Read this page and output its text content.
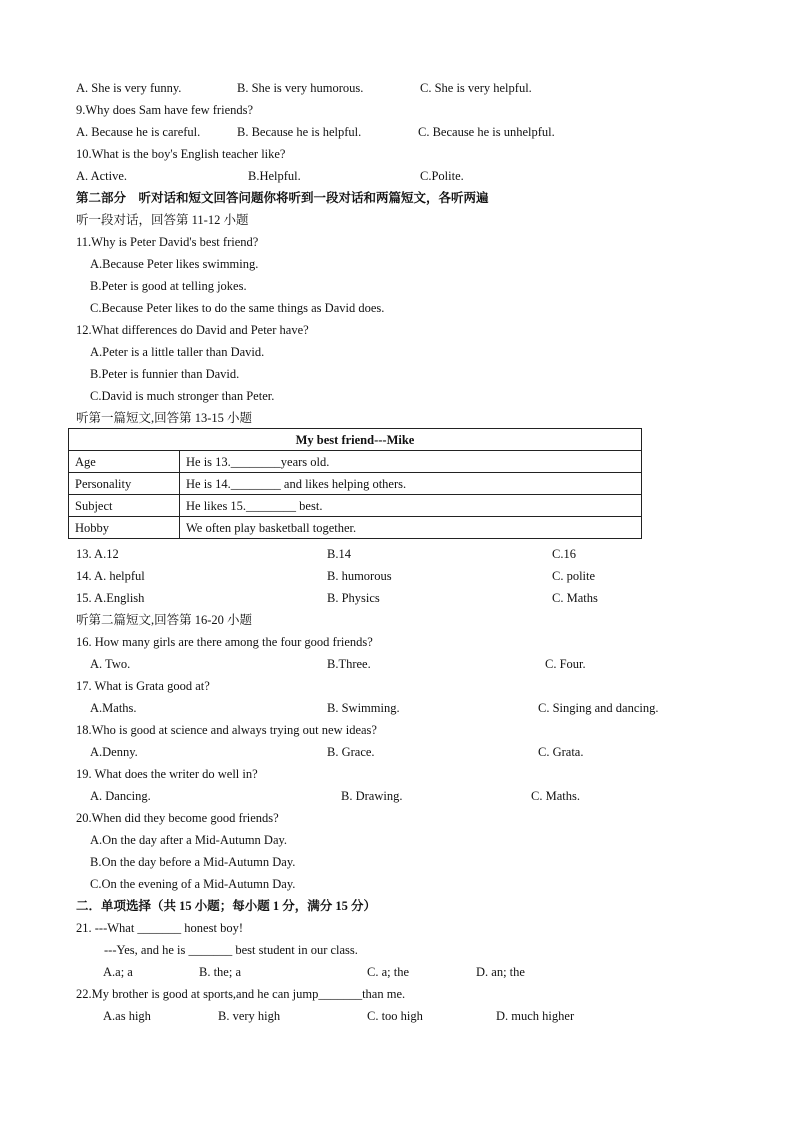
A. She is very funny.	B. She is very humorous.	C. She is very helpful.
9.Why does Sam have few friends?
A. Because he is careful.	B. Because he is helpful.	C. Because he is unhelpful.
10.What is the boy's English teacher like?
A. Active.	B.Helpful.	C.Polite.
第二部分　听对话和短文回答问题你将听到一段对话和两篇短文，各听两遍
听一段对话，回答第 11-12 小题
11.Why is Peter David's best friend?
A.Because Peter likes swimming.
B.Peter is good at telling jokes.
C.Because Peter likes to do the same things as David does.
12.What differences do David and Peter have?
A.Peter is a little taller than David.
B.Peter is funnier than David.
C.David is much stronger than Peter.
听第一篇短文,回答第 13-15 小题
My best friend---Mike	
Age	He is 13.________years old.
Personality	He is 14.________ and likes helping others.
Subject	He likes 15.________ best.
Hobby	We often play basketball together.
13. A.12	B.14	C.16
14. A. helpful	B. humorous	C. polite
15. A.English	B. Physics	C. Maths
听第二篇短文,回答第 16-20 小题
16. How many girls are there among the four good friends?
A. Two.	B.Three.	C. Four.
17. What is Grata good at?
A.Maths.	B. Swimming.	C. Singing and dancing.
18.Who is good at science and always trying out new ideas?
A.Denny.	B. Grace.	C. Grata.
19. What does the writer do well in?
A. Dancing.	B. Drawing.	C. Maths.
20.When did they become good friends?
A.On the day after a Mid-Autumn Day.
B.On the day before a Mid-Autumn Day.
C.On the evening of a Mid-Autumn Day.
二．单项选择（共 15 小题；每小题 1 分，满分 15 分）
21. ---What _______ honest boy!
---Yes, and he is _______ best student in our class.
A.a; a	B. the; a	C. a; the	D. an; the
22.My brother is good at sports,and he can jump_______than me.
A.as high	B. very high	C. too high	D. much higher
